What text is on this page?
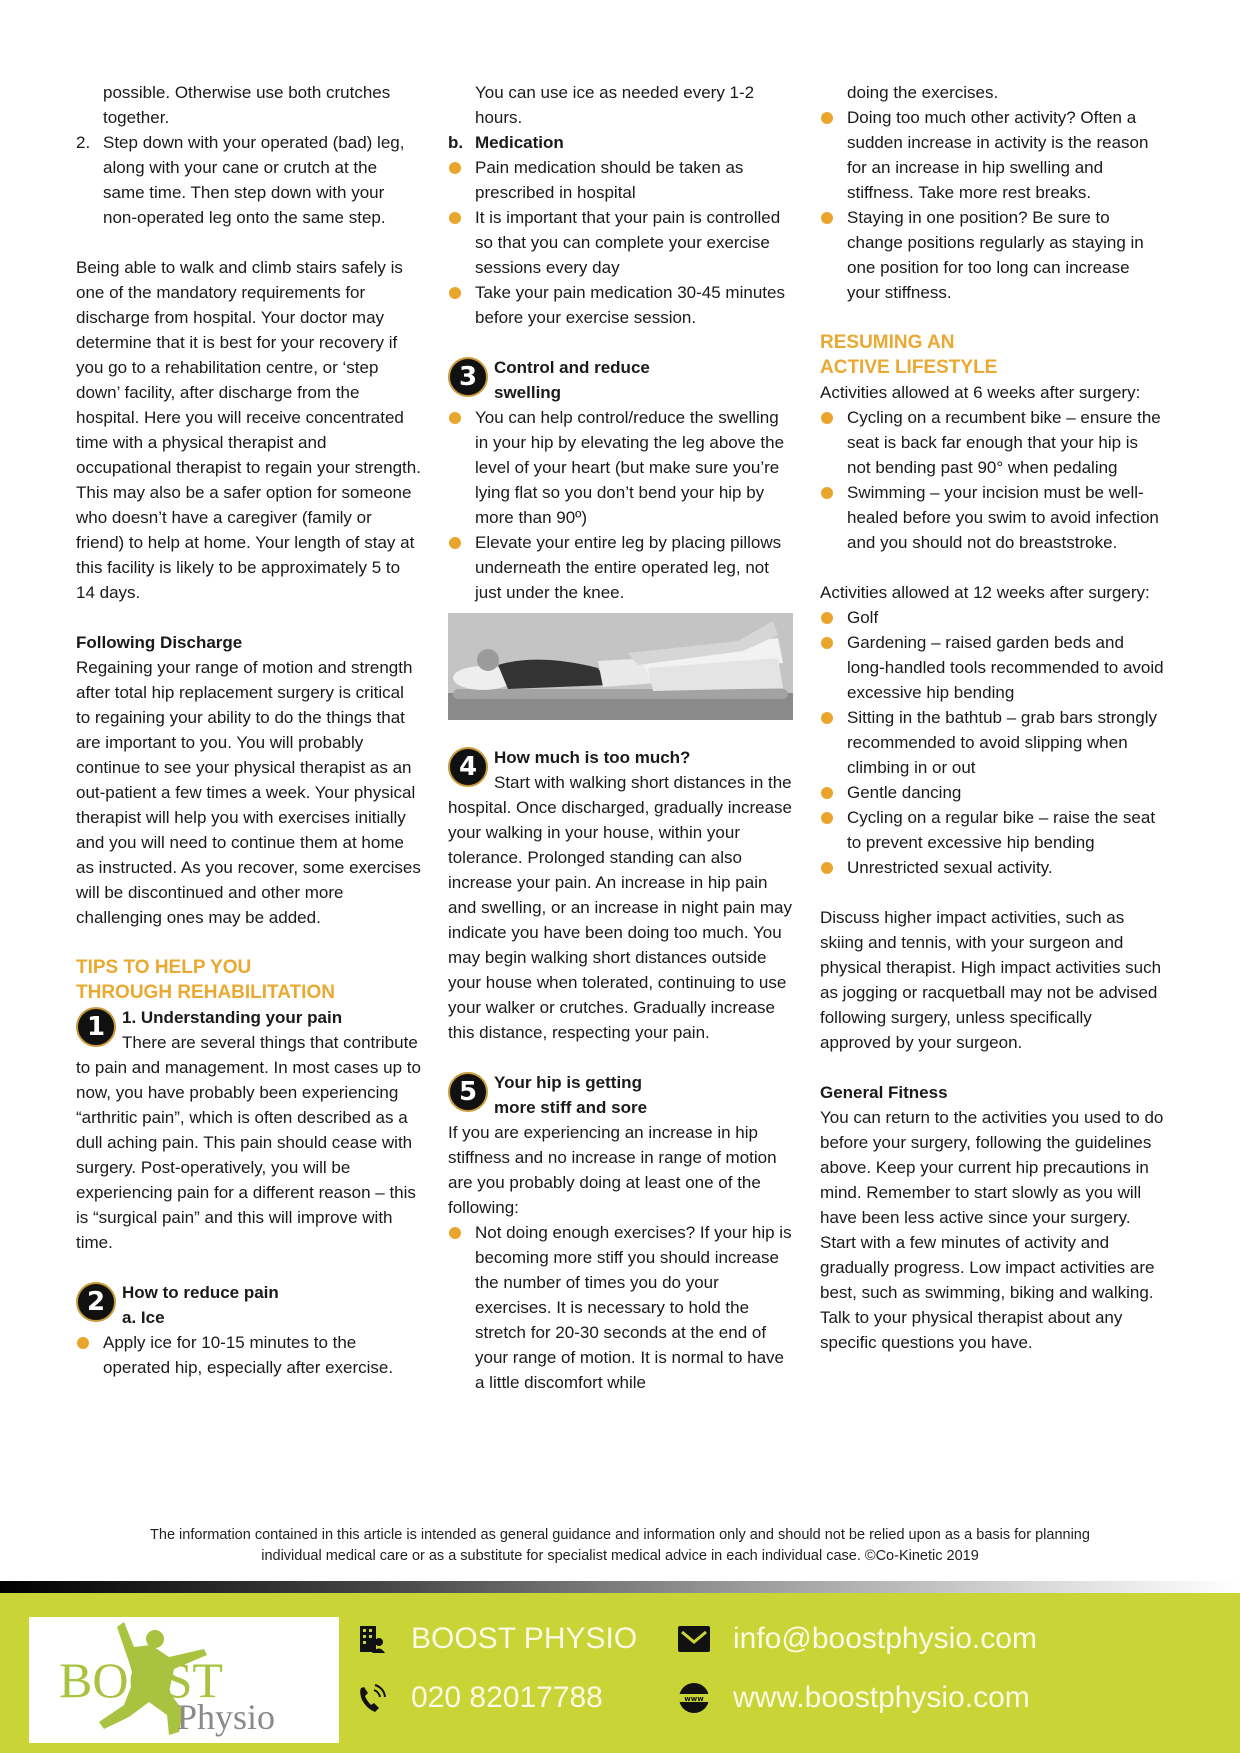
possible. Otherwise use both crutches together.

2. Step down with your operated (bad) leg, along with your cane or crutch at the same time. Then step down with your non-operated leg onto the same step.

Being able to walk and climb stairs safely is one of the mandatory requirements for discharge from hospital. Your doctor may determine that it is best for your recovery if you go to a rehabilitation centre, or ‘step down’ facility, after discharge from the hospital. Here you will receive concentrated time with a physical therapist and occupational therapist to regain your strength. This may also be a safer option for someone who doesn’t have a caregiver (family or friend) to help at home. Your length of stay at this facility is likely to be approximately 5 to 14 days.

Following Discharge

Regaining your range of motion and strength after total hip replacement surgery is critical to regaining your ability to do the things that are important to you. You will probably continue to see your physical therapist as an out-patient a few times a week. Your physical therapist will help you with exercises initially and you will need to continue them at home as instructed. As you recover, some exercises will be discontinued and other more challenging ones may be added.

TIPS TO HELP YOU

THROUGH REHABILITATION

1 1. Understanding your pain

There are several things that contribute to pain and management. In most cases up to now, you have probably been experiencing “arthritic pain”, which is often described as a dull aching pain. This pain should cease with surgery. Post-operatively, you will be experiencing pain for a different reason – this is “surgical pain” and this will improve with time.

2 How to reduce pain

a. Ice

Apply ice for 10-15 minutes to the operated hip, especially after exercise.

You can use ice as needed every 1-2 hours.

b. Medication
Pain medication should be taken as prescribed in hospital
It is important that your pain is controlled so that you can complete your exercise sessions every day
Take your pain medication 30-45 minutes before your exercise session.
3 Control and reduce swelling

You can help control/reduce the swelling in your hip by elevating the leg above the level of your heart (but make sure you’re lying flat so you don’t bend your hip by more than 90º)
Elevate your entire leg by placing pillows underneath the entire operated leg, not just under the knee.
4 How much is too much?

Start with walking short distances in the hospital. Once discharged, gradually increase your walking in your house, within your tolerance. Prolonged standing can also increase your pain. An increase in hip pain and swelling, or an increase in night pain may indicate you have been doing too much. You may begin walking short distances outside your house when tolerated, continuing to use your walker or crutches. Gradually increase this distance, respecting your pain.

5 Your hip is getting more stiff and sore

If you are experiencing an increase in hip stiffness and no increase in range of motion are you probably doing at least one of the following:

Not doing enough exercises? If your hip is becoming more stiff you should increase the number of times you do your exercises. It is necessary to hold the stretch for 20-30 seconds at the end of your range of motion. It is normal to have a little discomfort while

doing the exercises.

Doing too much other activity? Often a sudden increase in activity is the reason for an increase in hip swelling and stiffness. Take more rest breaks.
Staying in one position? Be sure to change positions regularly as staying in one position for too long can increase your stiffness.

RESUMING AN

ACTIVE LIFESTYLE

Activities allowed at 6 weeks after surgery:

Cycling on a recumbent bike – ensure the seat is back far enough that your hip is not bending past 90° when pedaling
Swimming – your incision must be well-healed before you swim to avoid infection and you should not do breaststroke.

Activities allowed at 12 weeks after surgery:

Golf
Gardening – raised garden beds and long-handled tools recommended to avoid excessive hip bending
Sitting in the bathtub – grab bars strongly recommended to avoid slipping when climbing in or out
Gentle dancing
Cycling on a regular bike – raise the seat to prevent excessive hip bending
Unrestricted sexual activity.

Discuss higher impact activities, such as skiing and tennis, with your surgeon and physical therapist. High impact activities such as jogging or racquetball may not be advised following surgery, unless specifically approved by your surgeon.

General Fitness

You can return to the activities you used to do before your surgery, following the guidelines above. Keep your current hip precautions in mind. Remember to start slowly as you will have been less active since your surgery. Start with a few minutes of activity and gradually progress. Low impact activities are best, such as swimming, biking and walking. Talk to your physical therapist about any specific questions you have.

The information contained in this article is intended as general guidance and information only and should not be relied upon as a basis for planning
individual medical care or as a substitute for specialist medical advice in each individual case. ©Co-Kinetic 2019
BOOST
Physio
BOOST PHYSIO
020 82017788
info@boostphysio.com
www www.boostphysio.com
